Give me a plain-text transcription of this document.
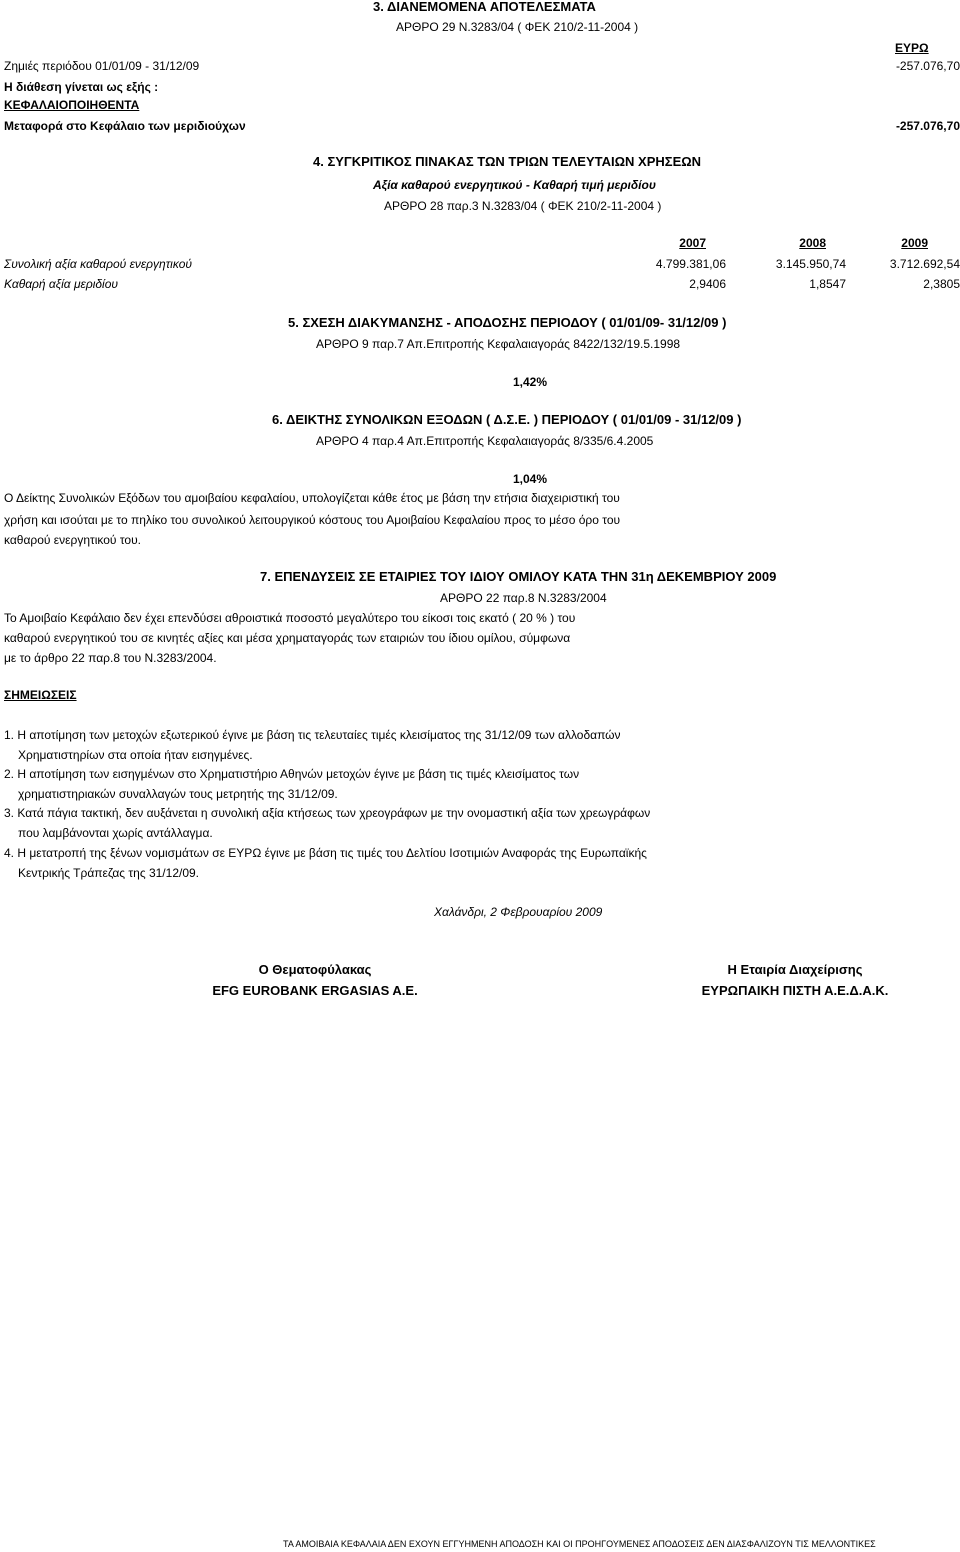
3. ΔΙΑΝΕΜΟΜΕΝΑ ΑΠΟΤΕΛΕΣΜΑΤΑ
ΑΡΘΡΟ 29 Ν.3283/04 ( ΦΕΚ 210/2-11-2004 )
ΕΥΡΩ
Ζημιές περιόδου 01/01/09 - 31/12/09	-257.076,70
Η διάθεση γίνεται ως εξής :
ΚΕΦΑΛΑΙΟΠΟΙΗΘΕΝΤΑ
Μεταφορά στο Κεφάλαιο των μεριδιούχων	-257.076,70
4. ΣΥΓΚΡΙΤΙΚΟΣ ΠΙΝΑΚΑΣ ΤΩΝ ΤΡΙΩΝ ΤΕΛΕΥΤΑΙΩΝ ΧΡΗΣΕΩΝ
Αξία καθαρού ενεργητικού - Καθαρή τιμή μεριδίου
ΑΡΘΡΟ 28 παρ.3 Ν.3283/04 ( ΦΕΚ 210/2-11-2004 )
2007	2008	2009
Συνολική αξία καθαρού ενεργητικού	4.799.381,06	3.145.950,74	3.712.692,54
Καθαρή αξία μεριδίου	2,9406	1,8547	2,3805
5. ΣΧΕΣΗ ΔΙΑΚΥΜΑΝΣΗΣ - ΑΠΟΔΟΣΗΣ ΠΕΡΙΟΔΟΥ ( 01/01/09- 31/12/09 )
ΑΡΘΡΟ 9 παρ.7 Απ.Επιτροπής Κεφαλαιαγοράς 8422/132/19.5.1998
1,42%
6. ΔΕΙΚΤΗΣ ΣΥΝΟΛΙΚΩΝ ΕΞΟΔΩΝ ( Δ.Σ.Ε. ) ΠΕΡΙΟΔΟΥ ( 01/01/09 - 31/12/09 )
ΑΡΘΡΟ 4 παρ.4 Απ.Επιτροπής Κεφαλαιαγοράς 8/335/6.4.2005
1,04%
Ο Δείκτης Συνολικών Εξόδων του αμοιβαίου κεφαλαίου, υπολογίζεται κάθε έτος με βάση την ετήσια διαχειριστική του
χρήση και ισούται με το πηλίκο του συνολικού λειτουργικού κόστους του Αμοιβαίου Κεφαλαίου προς το μέσο όρο του
καθαρού ενεργητικού του.
7. ΕΠΕΝΔΥΣΕΙΣ ΣΕ ΕΤΑΙΡΙΕΣ ΤΟΥ ΙΔΙΟΥ ΟΜΙΛΟΥ ΚΑΤΑ ΤΗΝ 31η ΔΕΚΕΜΒΡΙΟΥ 2009
ΑΡΘΡΟ 22 παρ.8 Ν.3283/2004
Το Αμοιβαίο Κεφάλαιο δεν έχει επενδύσει αθροιστικά ποσοστό μεγαλύτερο του είκοσι τοις εκατό ( 20 % ) του
καθαρού ενεργητικού του σε κινητές αξίες και μέσα χρηματαγοράς των εταιριών του ίδιου ομίλου, σύμφωνα
με το άρθρο 22 παρ.8 του Ν.3283/2004.
ΣΗΜΕΙΩΣΕΙΣ
1. Η αποτίμηση των μετοχών εξωτερικού έγινε με βάση τις τελευταίες τιμές κλεισίματος της 31/12/09 των αλλοδαπών
Χρηματιστηρίων στα οποία ήταν εισηγμένες.
2. Η αποτίμηση των εισηγμένων στο Χρηματιστήριο Αθηνών μετοχών έγινε με βάση τις τιμές κλεισίματος των
χρηματιστηριακών συναλλαγών τους μετρητής της 31/12/09.
3. Κατά πάγια τακτική, δεν αυξάνεται η συνολική αξία κτήσεως των χρεογράφων με την ονομαστική αξία των χρεωγράφων
που λαμβάνονται χωρίς αντάλλαγμα.
4. Η μετατροπή της ξένων νομισμάτων σε ΕΥΡΩ έγινε με βάση τις τιμές του Δελτίου Ισοτιμιών Αναφοράς της Ευρωπαϊκής
Κεντρικής Τράπεζας της 31/12/09.
Χαλάνδρι, 2 Φεβρουαρίου 2009
Ο Θεματοφύλακας
EFG EUROBANK ERGASIAS A.E.
Η Εταιρία Διαχείρισης
ΕΥΡΩΠΑΙΚΗ ΠΙΣΤΗ Α.Ε.Δ.Α.Κ.
ΤΑ ΑΜΟΙΒΑΙΑ ΚΕΦΑΛΑΙΑ ΔΕΝ ΕΧΟΥΝ ΕΓΓΥΗΜΕΝΗ ΑΠΟΔΟΣΗ ΚΑΙ ΟΙ ΠΡΟΗΓΟΥΜΕΝΕΣ ΑΠΟΔΟΣΕΙΣ ΔΕΝ ΔΙΑΣΦΑΛΙΖΟΥΝ ΤΙΣ ΜΕΛΛΟΝΤΙΚΕΣ
